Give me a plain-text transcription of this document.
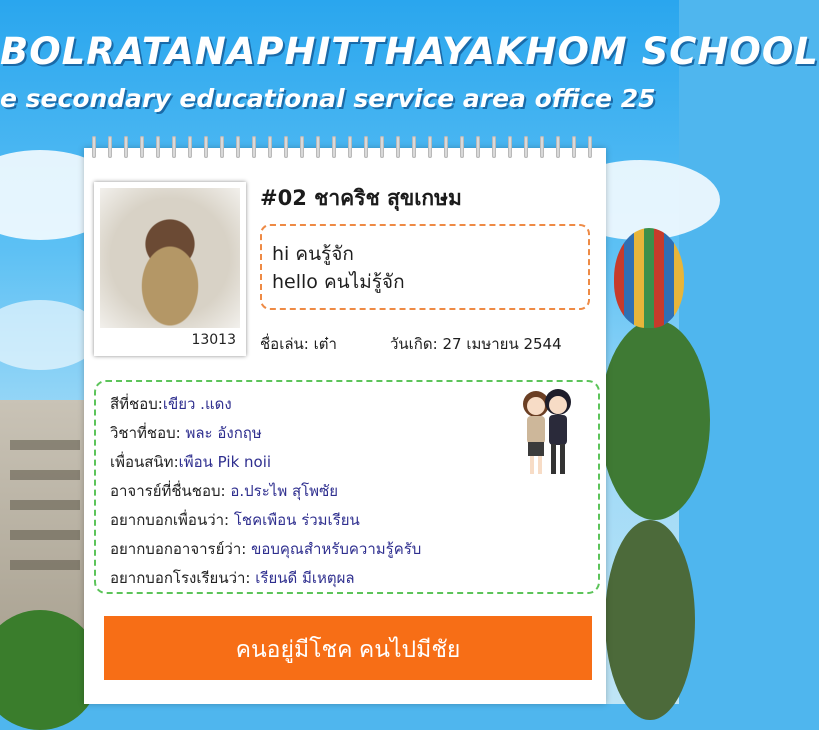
BOLRATANAPHITTHAYAKHOM SCHOOL
e secondary educational service area office 25
13013
#02 ชาคริช สุขเกษม
hi คนรู้จัก
hello คนไม่รู้จัก
ชื่อเล่น: เต๋า	วันเกิด: 27 เมษายน 2544
สีที่ชอบ:เขียว .แดง
วิชาที่ชอบ: พละ อังกฤษ
เพื่อนสนิท:เพือน Pik noii
อาจารย์ที่ชื่นชอบ: อ.ประไพ สุโพซัย
อยากบอกเพื่อนว่า: โชคเพือน ร่วมเรียน
อยากบอกอาจารย์ว่า: ขอบคุณสำหรับความรู้ครับ
อยากบอกโรงเรียนว่า: เรียนดี มีเหตุผล
คนอยู่มีโชค คนไปมีชัย
